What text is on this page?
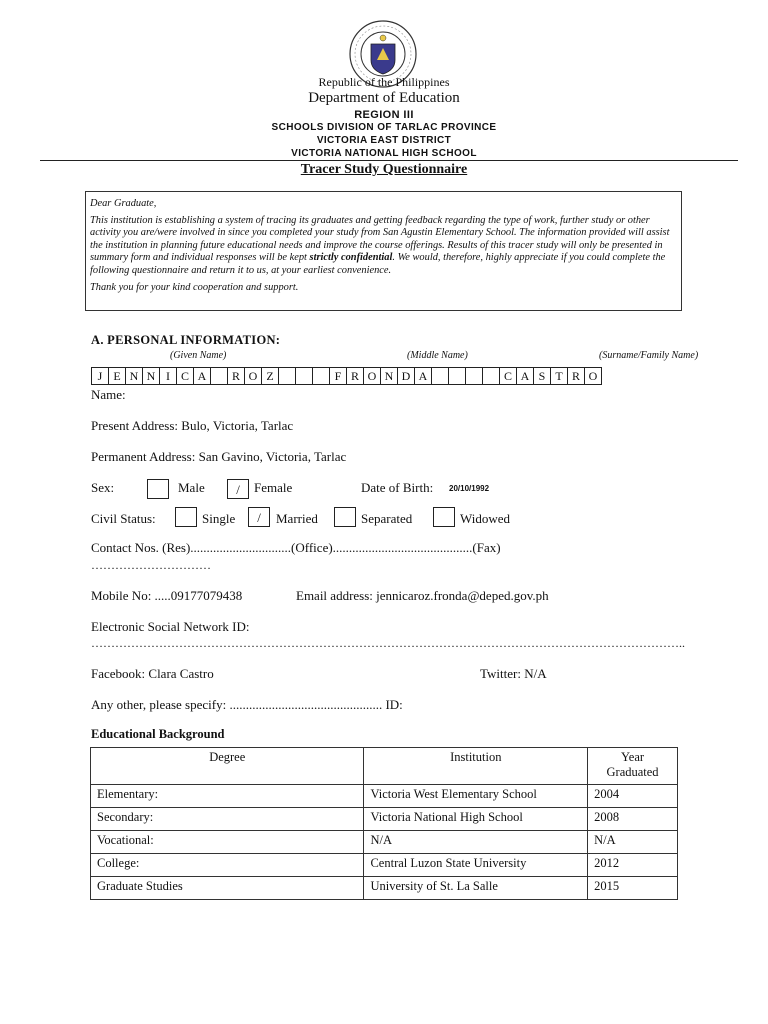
Republic of the Philippines
Department of Education
REGION III
SCHOOLS DIVISION OF TARLAC PROVINCE
VICTORIA EAST DISTRICT
VICTORIA NATIONAL HIGH SCHOOL
Tracer Study Questionnaire

Dear Graduate,

This institution is establishing a system of tracing its graduates and getting feedback regarding the type of work, further study or other activity you are/were involved in since you completed your study from San Agustin Elementary School. The information provided will assist the institution in planning future educational needs and improve the course offerings. Results of this tracer study will only be presented in summary form and individual responses will be kept strictly confidential. We would, therefore, highly appreciate if you could complete the following questionnaire and return it to us, at your earliest convenience.

Thank you for your kind cooperation and support.

A. PERSONAL INFORMATION:
(Given Name)	(Middle Name)	(Surname/Family Name)
J E N N I C A	R O Z	F R O N D A	C A S T R O
Name:
Present Address: Bulo, Victoria, Tarlac
Permanent Address: San Gavino, Victoria, Tarlac
Sex:	Male	/	Female	Date of Birth: 20/10/1992
Civil Status:	Single	/	Married	Separated	Widowed
Contact Nos. (Res)...............................(Office)...........................................(Fax)
…………………………
Mobile No: .....09177079438	Email address: jennicaroz.fronda@deped.gov.ph
Electronic Social Network ID:
…………………………………………………………………………………………………………………………………..
Facebook: Clara Castro	Twitter: N/A
Any other, please specify: ............................................... ID:
Educational Background
Degree	Institution	Year Graduated
Elementary:	Victoria West Elementary School	2004
Secondary:	Victoria National High School	2008
Vocational:	N/A	N/A
College:	Central Luzon State University	2012
Graduate Studies	University of St. La Salle	2015
